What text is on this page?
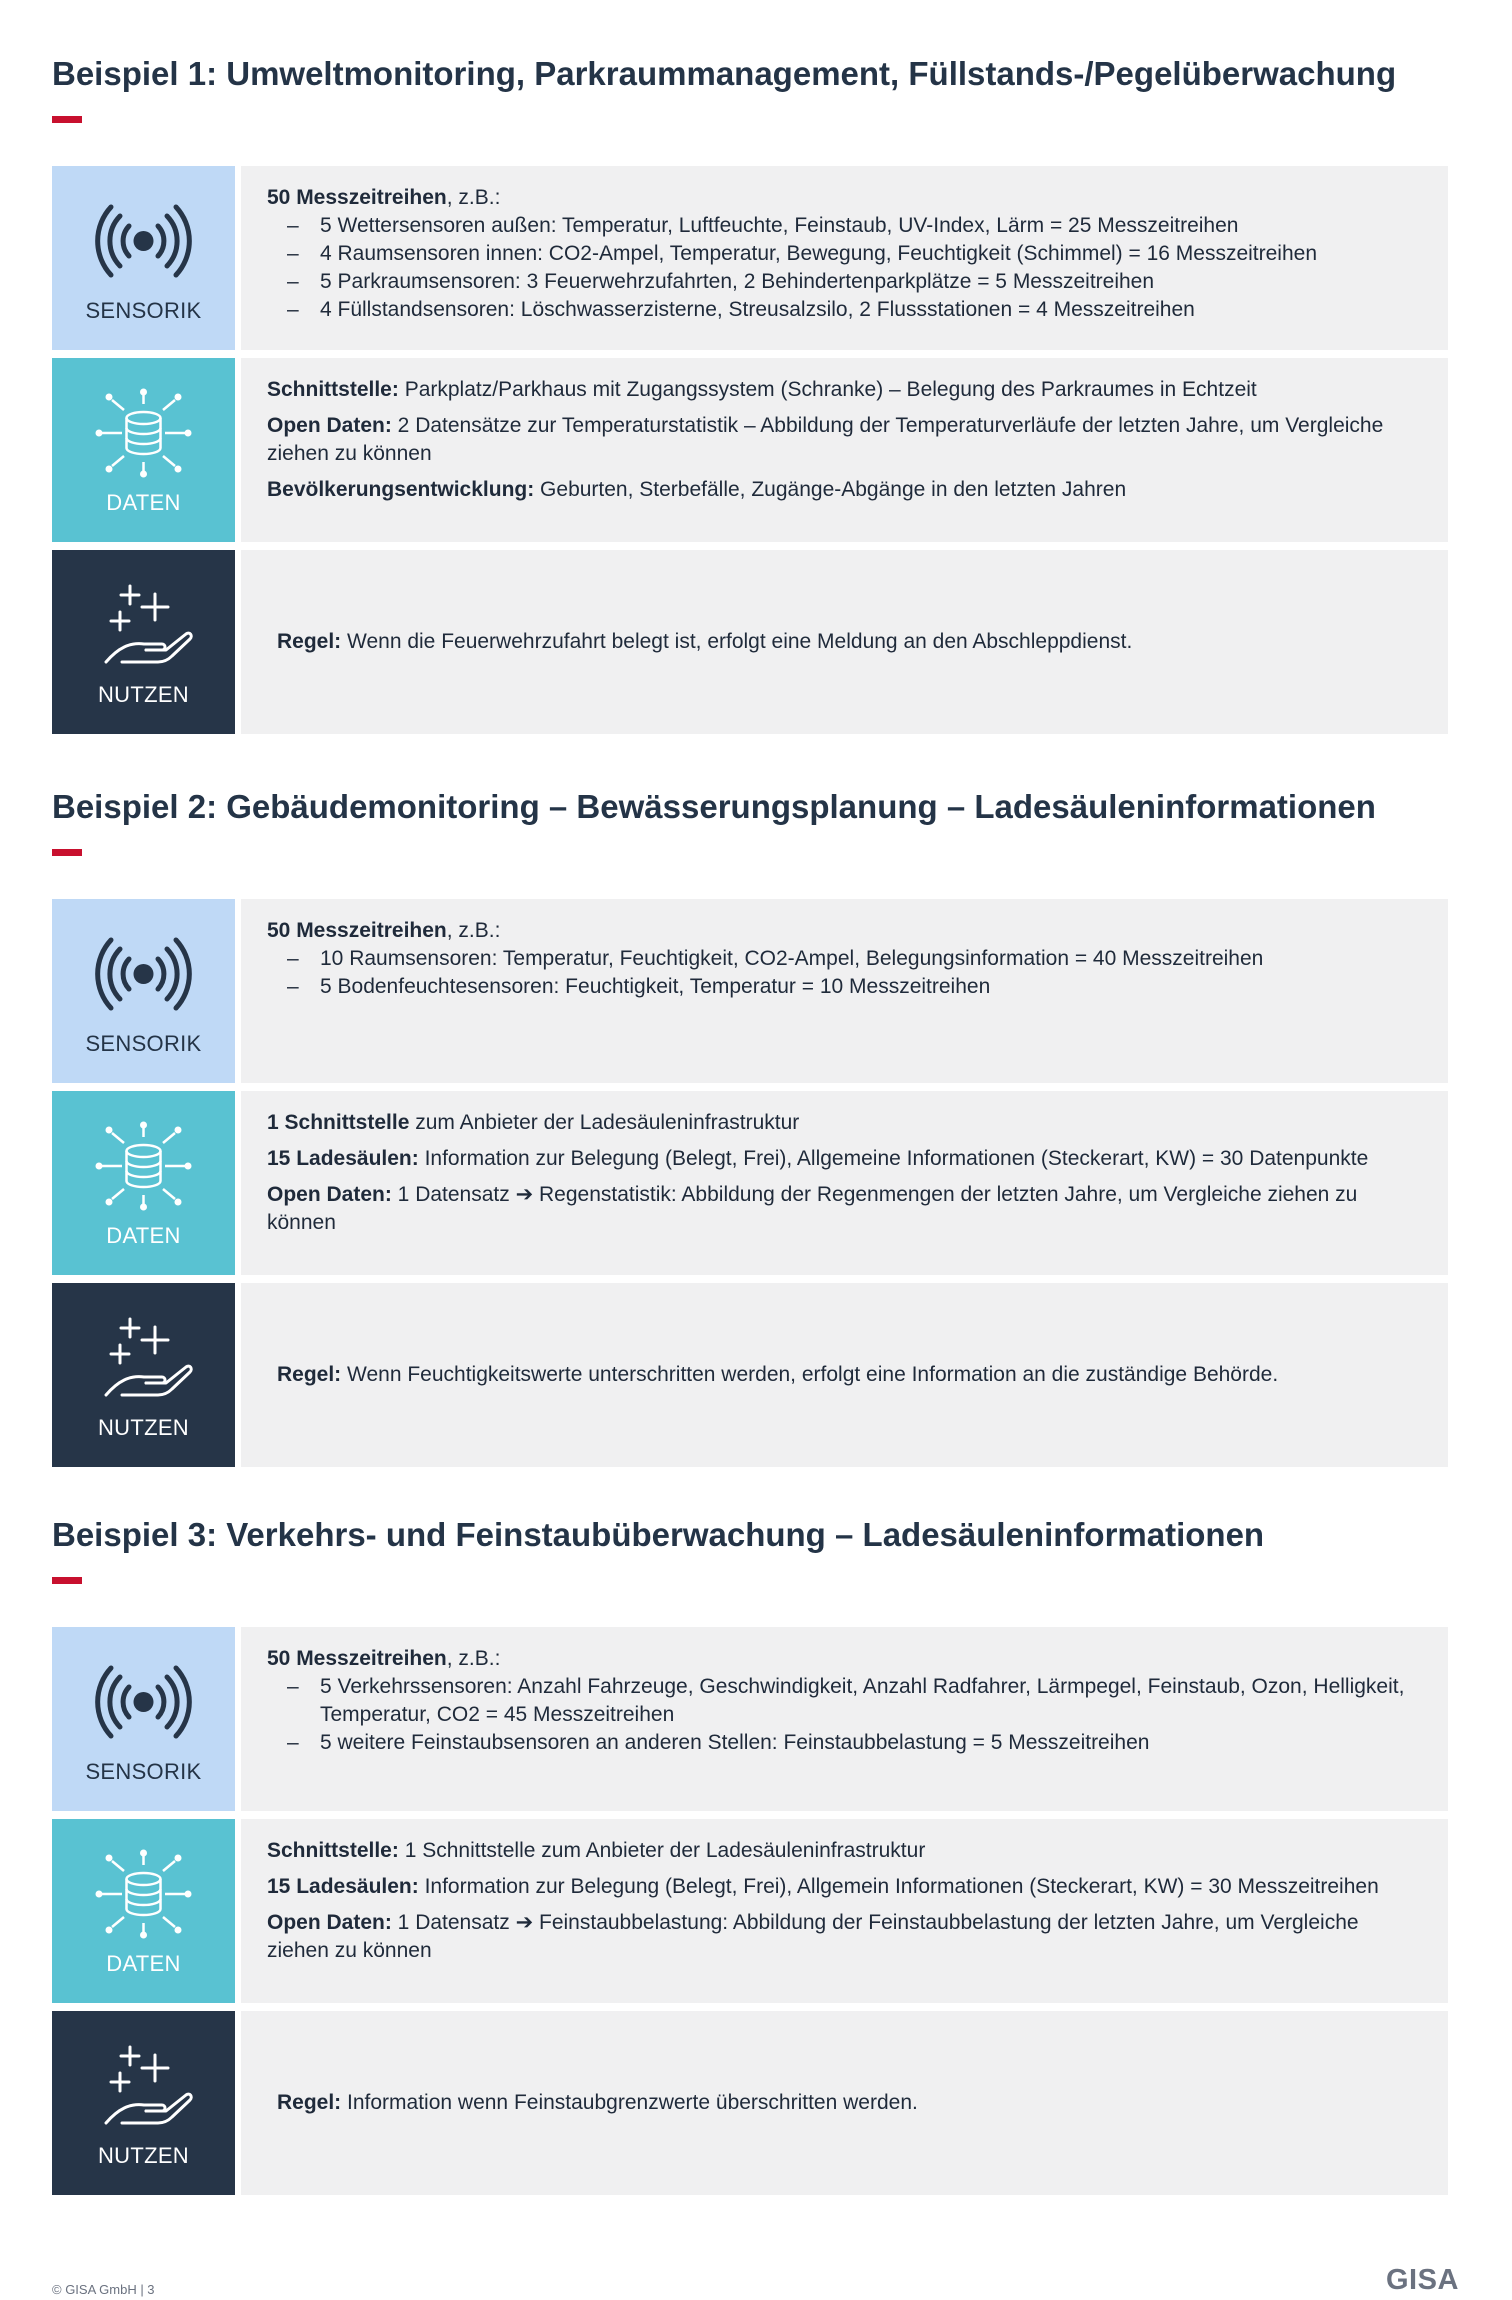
Beispiel 1: Umweltmonitoring, Parkraummanagement, Füllstands-/Pegelüberwachung
SENSORIK
50 Messzeitreihen, z.B.:
– 5 Wettersensoren außen: Temperatur, Luftfeuchte, Feinstaub, UV-Index, Lärm = 25 Messzeitreihen
– 4 Raumsensoren innen: CO2-Ampel, Temperatur, Bewegung, Feuchtigkeit (Schimmel) = 16 Messzeitreihen
– 5 Parkraumsensoren: 3 Feuerwehrzufahrten, 2 Behindertenparkplätze = 5 Messzeitreihen
– 4 Füllstandsensoren: Löschwasserzisterne, Streusalzsilo, 2 Flussstationen = 4 Messzeitreihen
DATEN
Schnittstelle: Parkplatz/Parkhaus mit Zugangssystem (Schranke) – Belegung des Parkraumes in Echtzeit
Open Daten: 2 Datensätze zur Temperaturstatistik – Abbildung der Temperaturverläufe der letzten Jahre, um Vergleiche ziehen zu können
Bevölkerungsentwicklung: Geburten, Sterbefälle, Zugänge-Abgänge in den letzten Jahren
NUTZEN
Regel: Wenn die Feuerwehrzufahrt belegt ist, erfolgt eine Meldung an den Abschleppdienst.
Beispiel 2: Gebäudemonitoring – Bewässerungsplanung – Ladesäuleninformationen
SENSORIK
50 Messzeitreihen, z.B.:
– 10 Raumsensoren: Temperatur, Feuchtigkeit, CO2-Ampel, Belegungsinformation = 40 Messzeitreihen
– 5 Bodenfeuchtesensoren: Feuchtigkeit, Temperatur = 10 Messzeitreihen
DATEN
1 Schnittstelle zum Anbieter der Ladesäuleninfrastruktur
15 Ladesäulen: Information zur Belegung (Belegt, Frei), Allgemeine Informationen (Steckerart, KW) = 30 Datenpunkte
Open Daten: 1 Datensatz ➔ Regenstatistik: Abbildung der Regenmengen der letzten Jahre, um Vergleiche ziehen zu können
NUTZEN
Regel: Wenn Feuchtigkeitswerte unterschritten werden, erfolgt eine Information an die zuständige Behörde.
Beispiel 3: Verkehrs- und Feinstaubüberwachung – Ladesäuleninformationen
SENSORIK
50 Messzeitreihen, z.B.:
– 5 Verkehrssensoren: Anzahl Fahrzeuge, Geschwindigkeit, Anzahl Radfahrer, Lärmpegel, Feinstaub, Ozon, Helligkeit, Temperatur, CO2 = 45 Messzeitreihen
– 5 weitere Feinstaubsensoren an anderen Stellen: Feinstaubbelastung = 5 Messzeitreihen
DATEN
Schnittstelle: 1 Schnittstelle zum Anbieter der Ladesäuleninfrastruktur
15 Ladesäulen: Information zur Belegung (Belegt, Frei), Allgemein Informationen (Steckerart, KW) = 30 Messzeitreihen
Open Daten: 1 Datensatz ➔ Feinstaubbelastung: Abbildung der Feinstaubbelastung der letzten Jahre, um Vergleiche ziehen zu können
NUTZEN
Regel: Information wenn Feinstaubgrenzwerte überschritten werden.
© GISA GmbH | 3	GISA
